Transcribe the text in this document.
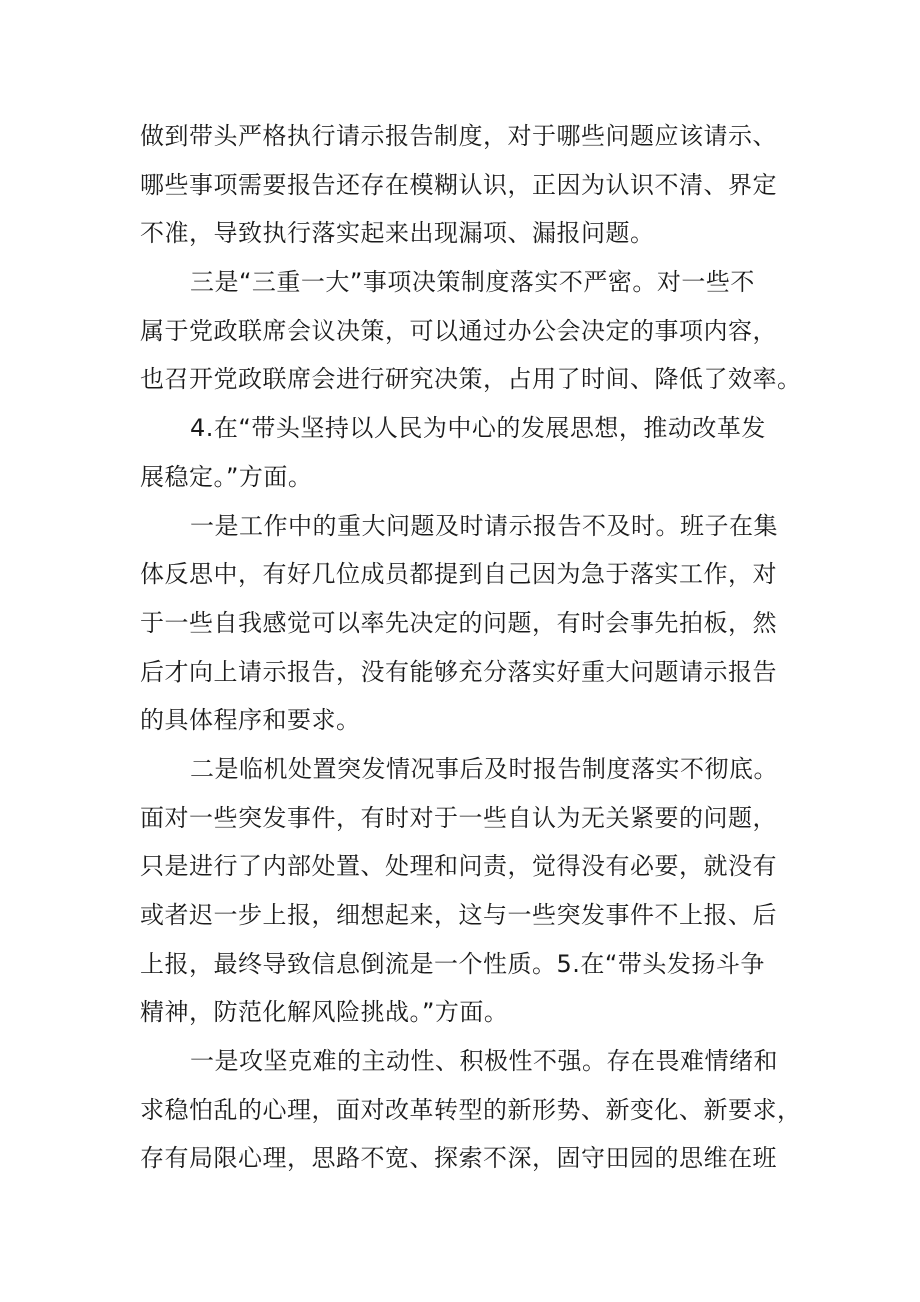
做到带头严格执行请示报告制度，对于哪些问题应该请示、
哪些事项需要报告还存在模糊认识，正因为认识不清、界定
不准，导致执行落实起来出现漏项、漏报问题。
三是“三重一大”事项决策制度落实不严密。对一些不
属于党政联席会议决策，可以通过办公会决定的事项内容，
也召开党政联席会进行研究决策，占用了时间、降低了效率。
4.在“带头坚持以人民为中心的发展思想，推动改革发
展稳定。”方面。
一是工作中的重大问题及时请示报告不及时。班子在集
体反思中，有好几位成员都提到自己因为急于落实工作，对
于一些自我感觉可以率先决定的问题，有时会事先拍板，然
后才向上请示报告，没有能够充分落实好重大问题请示报告
的具体程序和要求。
二是临机处置突发情况事后及时报告制度落实不彻底。
面对一些突发事件，有时对于一些自认为无关紧要的问题，
只是进行了内部处置、处理和问责，觉得没有必要，就没有
或者迟一步上报，细想起来，这与一些突发事件不上报、后
上报，最终导致信息倒流是一个性质。5.在“带头发扬斗争
精神，防范化解风险挑战。”方面。
一是攻坚克难的主动性、积极性不强。存在畏难情绪和
求稳怕乱的心理，面对改革转型的新形势、新变化、新要求，
存有局限心理，思路不宽、探索不深，固守田园的思维在班
